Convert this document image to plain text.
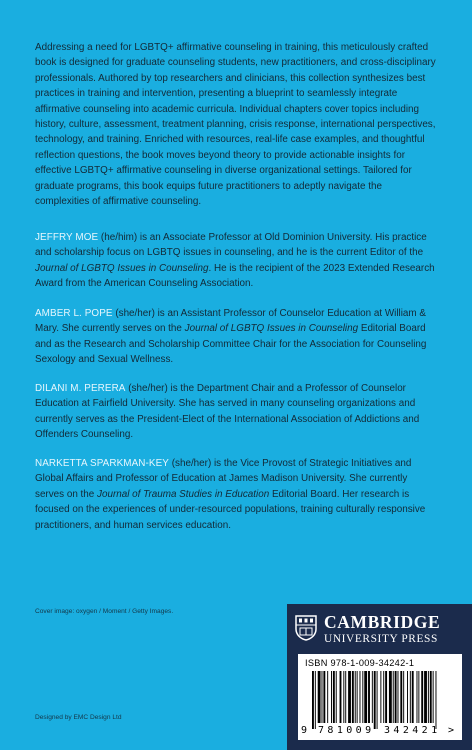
Addressing a need for LGBTQ+ affirmative counseling in training, this meticulously crafted book is designed for graduate counseling students, new practitioners, and cross-disciplinary professionals. Authored by top researchers and clinicians, this collection synthesizes best practices in training and intervention, presenting a blueprint to seamlessly integrate affirmative counseling into academic curricula. Individual chapters cover topics including history, culture, assessment, treatment planning, crisis response, international perspectives, technology, and training. Enriched with resources, real-life case examples, and thoughtful reflection questions, the book moves beyond theory to provide actionable insights for effective LGBTQ+ affirmative counseling in diverse organizational settings. Tailored for graduate programs, this book equips future practitioners to adeptly navigate the complexities of affirmative counseling.

JEFFRY MOE (he/him) is an Associate Professor at Old Dominion University. His practice and scholarship focus on LGBTQ issues in counseling, and he is the current Editor of the Journal of LGBTQ Issues in Counseling. He is the recipient of the 2023 Extended Research Award from the American Counseling Association.

AMBER L. POPE (she/her) is an Assistant Professor of Counselor Education at William & Mary. She currently serves on the Journal of LGBTQ Issues in Counseling Editorial Board and as the Research and Scholarship Committee Chair for the Association for Counseling Sexology and Sexual Wellness.

DILANI M. PERERA (she/her) is the Department Chair and a Professor of Counselor Education at Fairfield University. She has served in many counseling organizations and currently serves as the President-Elect of the International Association of Addictions and Offenders Counseling.

NARKETTA SPARKMAN-KEY (she/her) is the Vice Provost of Strategic Initiatives and Global Affairs and Professor of Education at James Madison University. She currently serves on the Journal of Trauma Studies in Education Editorial Board. Her research is focused on the experiences of under-resourced populations, training culturally responsive practitioners, and human services education.

Cover image: oxygen / Moment / Getty Images.
Designed by EMC Design Ltd
CAMBRIDGE
UNIVERSITY PRESS
ISBN 978-1-009-34242-1
9 781009 342421 >
